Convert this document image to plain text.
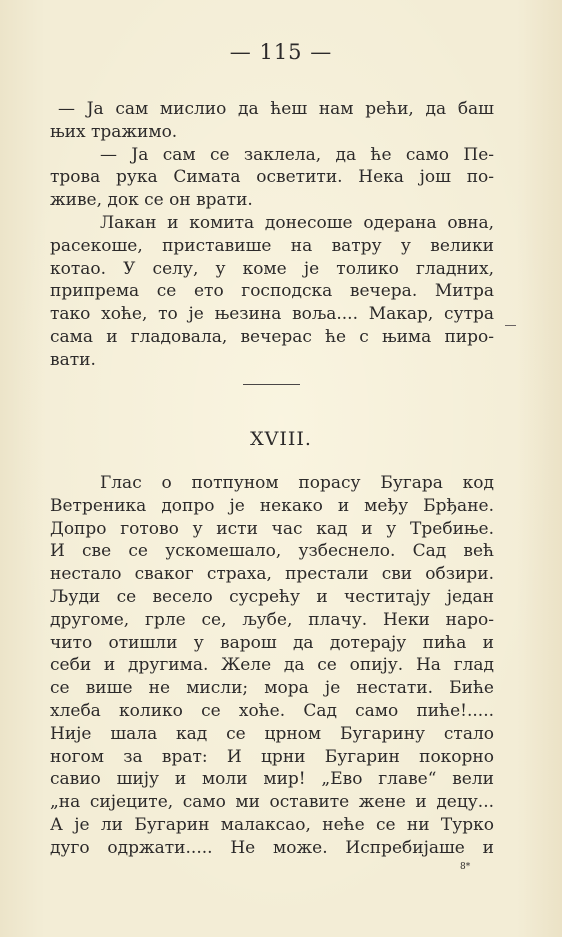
— 115 —
— Ја сам мислио да ћеш нам рећи, да баш
њих тражимо.
— Ја сам се заклела, да ће само Пе-
трова рука Симата осветити. Нека још по-
живе, док се он врати.
Лакан и комита донесоше одерана овна,
расекоше, приставише на ватру у велики
котао. У селу, у коме је толико гладних,
припрема се ето господска вечера. Митра
тако хоће, то је њезина воља.... Макар, сутра
сама и гладовала, вечерас ће с њима пиро-
вати.
XVIII.
Глас о потпуном порасу Бугара код
Ветреника допро је некако и међу Брђане.
Допро готово у исти час кад и у Требиње.
И све се ускомешало, узбеснело. Сад већ
нестало сваког страха, престали сви обзири.
Људи се весело сусрећу и честитају један
другоме, грле се, љубе, плачу. Неки наро-
чито отишли у варош да дотерају пића и
себи и другима. Желе да се опију. На глад
се више не мисли; мора је нестати. Биће
хлеба колико се хоће. Сад само пиће!.....
Није шала кад се црном Бугарину стало
ногом за врат: И црни Бугарин покорно
савио шију и моли мир! „Ево главе“ вели
„на сијеците, само ми оставите жене и децу...
А је ли Бугарин малаксао, неће се ни Турко
дуго одржати..... Не може. Испребијаше и
8*
